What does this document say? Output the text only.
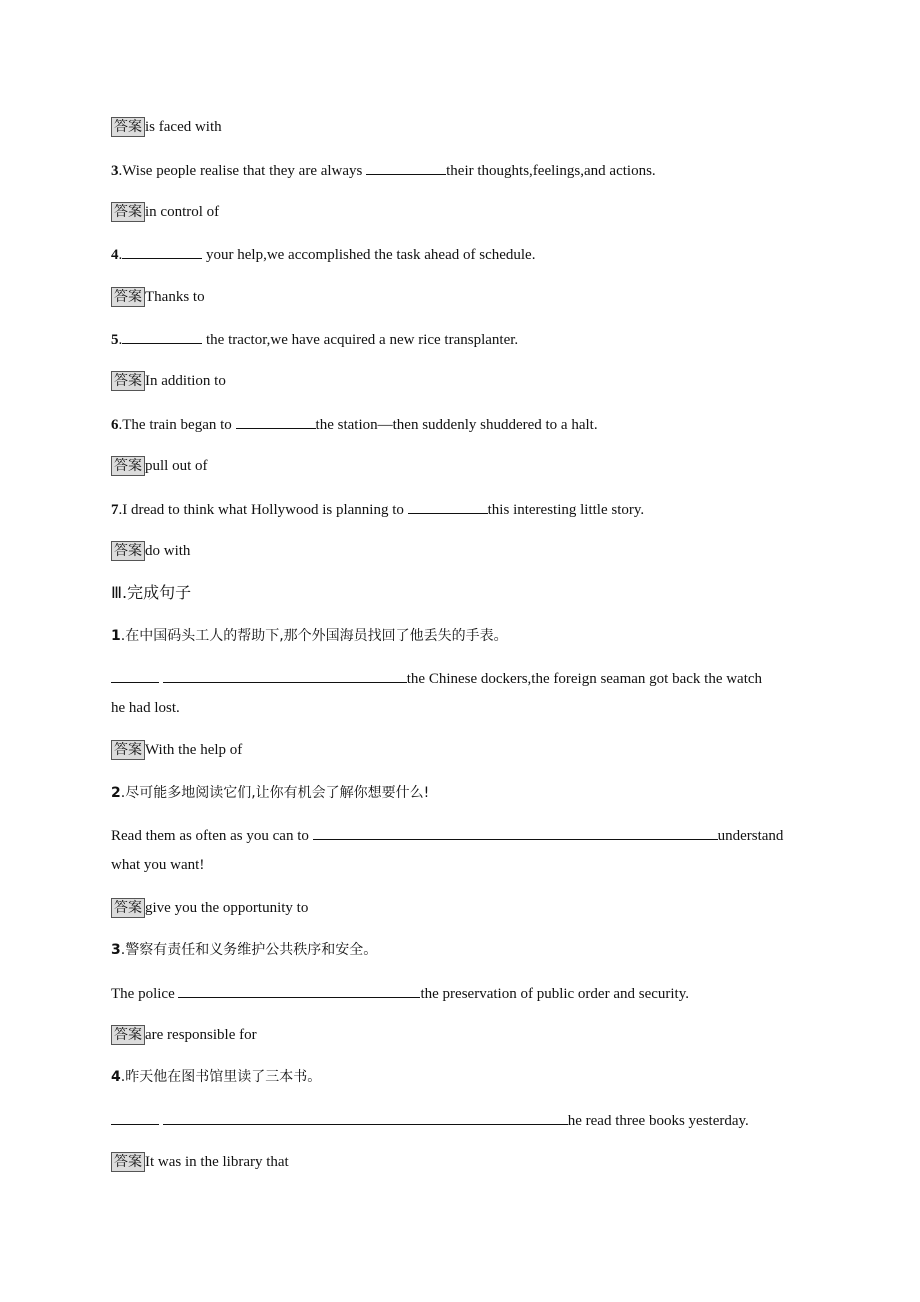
答案 is faced with
3.Wise people realise that they are always	their thoughts,feelings,and actions.
答案 in control of
4.	your help,we accomplished the task ahead of schedule.
答案 Thanks to
5.	the tractor,we have acquired a new rice transplanter.
答案 In addition to
6.The train began to	the station—then suddenly shuddered to a halt.
答案 pull out of
7.I dread to think what Hollywood is planning to	this interesting little story.
答案 do with
Ⅲ.完成句子
1.在中国码头工人的帮助下,那个外国海员找回了他丢失的手表。
the Chinese dockers,the foreign seaman got back the watch
he had lost.
答案 With the help of
2.尽可能多地阅读它们,让你有机会了解你想要什么!
Read them as often as you can to	understand
what you want!
答案 give you the opportunity to
3.警察有责任和义务维护公共秩序和安全。
The police	the preservation of public order and security.
答案 are responsible for
4.昨天他在图书馆里读了三本书。
he read three books yesterday.
答案 It was in the library that
